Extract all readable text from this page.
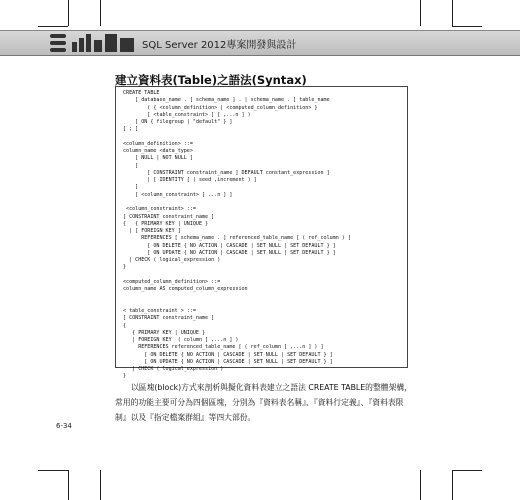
SQL Server 2012專案開發與設計
建立資料表(Table)之語法(Syntax)
CREATE TABLE
[ database_name . [ schema_name ] . | schema_name . ] table_name
( { <column_definition> | <computed_column_definition> }
[ <table_constraint> ] [ ,...n ] )
[ ON { filegroup | "default" } ]
[ ; ]

<column_definition> ::=
column_name <data_type>
[ NULL | NOT NULL ]
[
[ CONSTRAINT constraint_name ] DEFAULT constant_expression ]
| [ IDENTITY [ ( seed ,increment ) ]
]
[ <column_constraint> [ ...n ] ]

<column_constraint> ::=
[ CONSTRAINT constraint_name ]
{   { PRIMARY KEY | UNIQUE }
| [ FOREIGN KEY ]
REFERENCES [ schema_name . ] referenced_table_name [ ( ref_column ) ]
[ ON DELETE { NO ACTION | CASCADE | SET NULL | SET DEFAULT } ]
[ ON UPDATE { NO ACTION | CASCADE | SET NULL | SET DEFAULT } ]
| CHECK ( logical_expression )
}

<computed_column_definition> ::=
column_name AS computed_column_expression

< table_constraint > ::=
[ CONSTRAINT constraint_name ]
{
{ PRIMARY KEY | UNIQUE }
| FOREIGN KEY  ( column [ ,...n ] )
REFERENCES referenced_table_name [ ( ref_column [ ,...n ] ) ]
[ ON DELETE { NO ACTION | CASCADE | SET NULL | SET DEFAULT } ]
[ ON UPDATE { NO ACTION | CASCADE | SET NULL | SET DEFAULT } ]
| CHECK ( logical_expression )
}

以區塊(block)方式來剖析與擬化資料表建立之語法 CREATE TABLE的整體架構，常用的功能主要可分為四個區塊，分別為『資料表名稱』、『資料行定義』、『資料表限制』以及『指定檔案群組』等四大部份。

6-34
